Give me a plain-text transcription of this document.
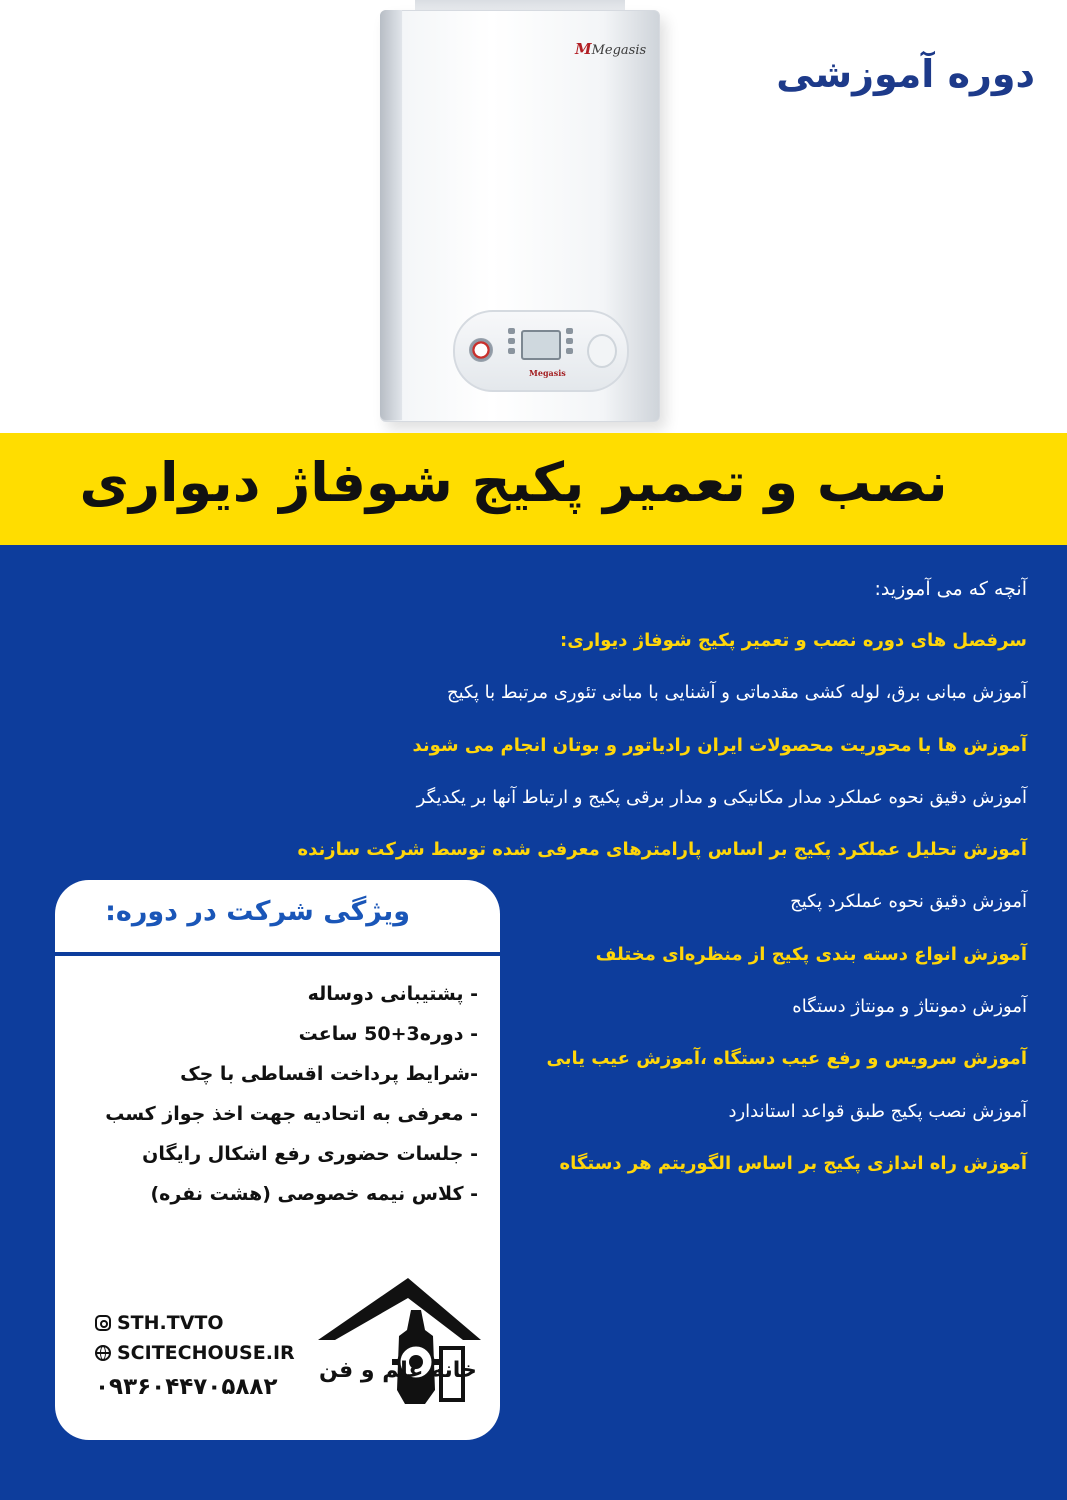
دوره آموزشی
MMegasis
Megasis
نصب و تعمیر پکیج شوفاژ دیواری
آنچه که می آموزید:
سرفصل های دوره نصب و تعمیر پکیج شوفاژ دیواری:
آموزش مبانی برق، لوله کشی مقدماتی و آشنایی با مبانی تئوری مرتبط با پکیج
آموزش ها با محوریت محصولات ایران رادیاتور و بوتان انجام می شوند
آموزش دقیق نحوه عملکرد مدار مکانیکی و مدار برقی پکیج و ارتباط آنها بر یکدیگر
آموزش تحلیل عملکرد پکیج بر اساس پارامترهای معرفی شده توسط شرکت سازنده
آموزش دقیق نحوه عملکرد پکیج
آموزش انواع دسته بندی پکیج از منظره‌ای مختلف
آموزش دمونتاژ و مونتاژ دستگاه
آموزش سرویس و رفع عیب دستگاه ،آموزش عیب یابی
آموزش نصب پکیج طبق قواعد استاندارد
آموزش راه اندازی پکیج بر اساس الگوریتم هر دستگاه
ویژگی شرکت در دوره:
- پشتیبانی دوساله
- دوره3+50 ساعت
-شرایط پرداخت اقساطی با چک
- معرفی به اتحادیه جهت اخذ جواز کسب
- جلسات حضوری رفع اشکال رایگان
- کلاس نیمه خصوصی (هشت نفره)
STH.TVTO
SCITECHOUSE.IR
۰۹۳۶۰۴۴۷۰۵۸۸۲
خانه علم و فن
